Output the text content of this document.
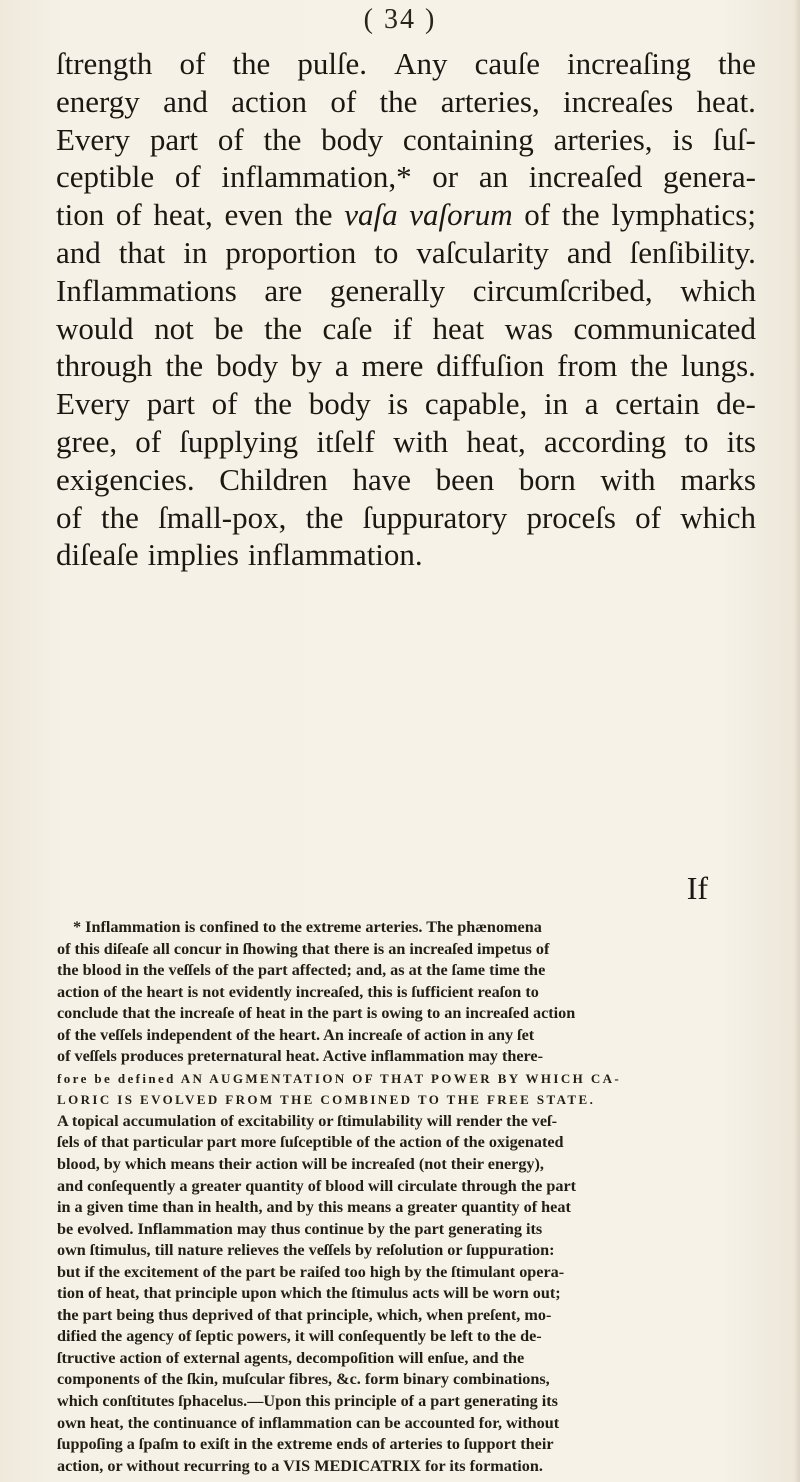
( 34 )
ſtrength of the pulſe. Any cauſe increaſing the
energy and action of the arteries, increaſes heat.
Every part of the body containing arteries, is ſuſ-
ceptible of inflammation,* or an increaſed genera-
tion of heat, even the vaſa vaſorum of the lymphatics;
and that in proportion to vaſcularity and ſenſibility.
Inflammations are generally circumſcribed, which
would not be the caſe if heat was communicated
through the body by a mere diffuſion from the lungs.
Every part of the body is capable, in a certain de-
gree, of ſupplying itſelf with heat, according to its
exigencies. Children have been born with marks
of the ſmall-pox, the ſuppuratory proceſs of which
diſeaſe implies inflammation.
If
* Inflammation is confined to the extreme arteries. The phænomena
of this diſeaſe all concur in ſhowing that there is an increaſed impetus of
the blood in the veſſels of the part affected; and, as at the ſame time the
action of the heart is not evidently increaſed, this is ſufficient reaſon to
conclude that the increaſe of heat in the part is owing to an increaſed action
of the veſſels independent of the heart. An increaſe of action in any ſet
of veſſels produces preternatural heat. Active inflammation may there-
fore be defined AN AUGMENTATION OF THAT POWER BY WHICH CA-
LORIC IS EVOLVED FROM THE COMBINED TO THE FREE STATE.
A topical accumulation of excitability or ſtimulability will render the veſ-
ſels of that particular part more ſuſceptible of the action of the oxigenated
blood, by which means their action will be increaſed (not their energy),
and conſequently a greater quantity of blood will circulate through the part
in a given time than in health, and by this means a greater quantity of heat
be evolved. Inflammation may thus continue by the part generating its
own ſtimulus, till nature relieves the veſſels by reſolution or ſuppuration:
but if the excitement of the part be raiſed too high by the ſtimulant opera-
tion of heat, that principle upon which the ſtimulus acts will be worn out;
the part being thus deprived of that principle, which, when preſent, mo-
dified the agency of ſeptic powers, it will conſequently be left to the de-
ſtructive action of external agents, decompoſition will enſue, and the
components of the ſkin, muſcular fibres, &c. form binary combinations,
which conſtitutes ſphacelus.—Upon this principle of a part generating its
own heat, the continuance of inflammation can be accounted for, without
ſuppoſing a ſpaſm to exiſt in the extreme ends of arteries to ſupport their
action, or without recurring to a VIS MEDICATRIX for its formation.
